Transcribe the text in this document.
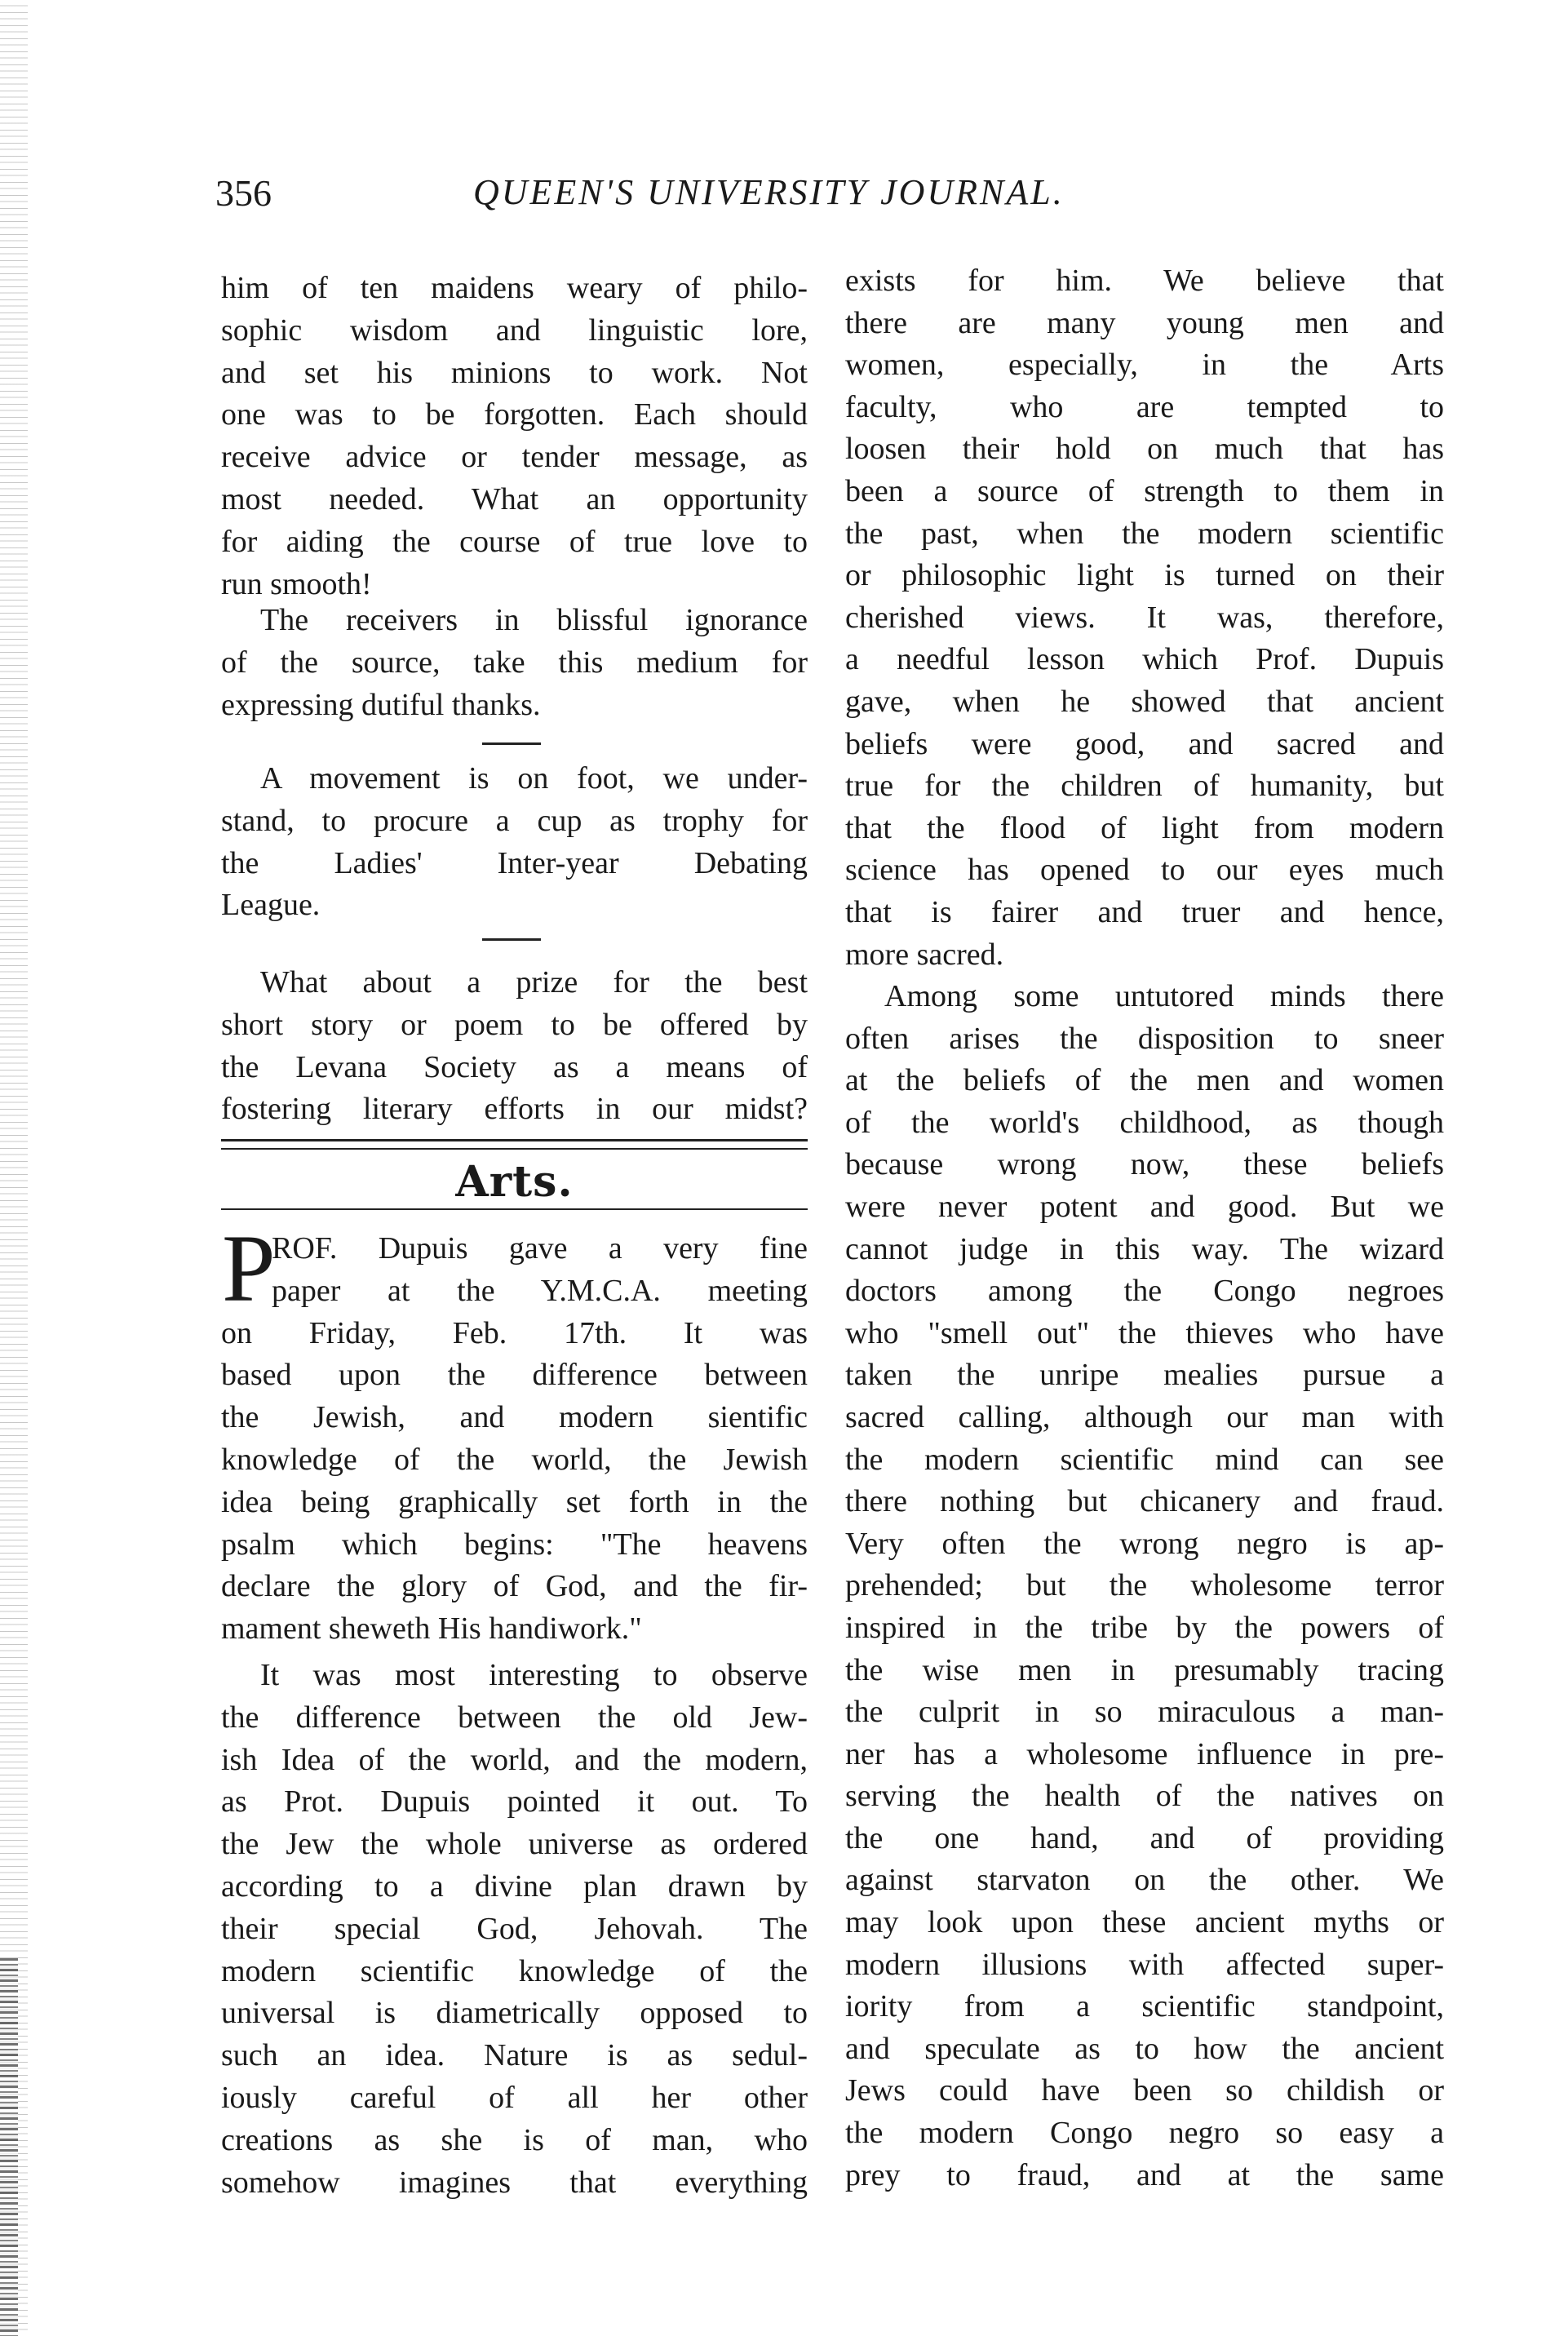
356	QUEEN'S UNIVERSITY JOURNAL.
him of ten maidens weary of philo-
sophic wisdom and linguistic lore,
and set his minions to work. Not
one was to be forgotten. Each should
receive advice or tender message, as
most needed. What an opportunity
for aiding the course of true love to
run smooth!
The receivers in blissful ignorance
of the source, take this medium for
expressing dutiful thanks.
A movement is on foot, we under-
stand, to procure a cup as trophy for
the Ladies' Inter-year Debating
League.
What about a prize for the best
short story or poem to be offered by
the Levana Society as a means of
fostering literary efforts in our midst?
Arts.
P
ROF. Dupuis gave a very fine
paper at the Y.M.C.A. meeting
on Friday, Feb. 17th. It was
based upon the difference between
the Jewish, and modern sientific
knowledge of the world, the Jewish
idea being graphically set forth in the
psalm which begins: "The heavens
declare the glory of God, and the fir-
mament sheweth His handiwork."
It was most interesting to observe
the difference between the old Jew-
ish Idea of the world, and the modern,
as Prot. Dupuis pointed it out. To
the Jew the whole universe as ordered
according to a divine plan drawn by
their special God, Jehovah. The
modern scientific knowledge of the
universal is diametrically opposed to
such an idea. Nature is as sedul-
iously careful of all her other
creations as she is of man, who
somehow imagines that everything
exists for him. We believe that
there are many young men and
women, especially, in the Arts
faculty, who are tempted to
loosen their hold on much that has
been a source of strength to them in
the past, when the modern scientific
or philosophic light is turned on their
cherished views. It was, therefore,
a needful lesson which Prof. Dupuis
gave, when he showed that ancient
beliefs were good, and sacred and
true for the children of humanity, but
that the flood of light from modern
science has opened to our eyes much
that is fairer and truer and hence,
more sacred.
Among some untutored minds there
often arises the disposition to sneer
at the beliefs of the men and women
of the world's childhood, as though
because wrong now, these beliefs
were never potent and good. But we
cannot judge in this way. The wizard
doctors among the Congo negroes
who "smell out" the thieves who have
taken the unripe mealies pursue a
sacred calling, although our man with
the modern scientific mind can see
there nothing but chicanery and fraud.
Very often the wrong negro is ap-
prehended; but the wholesome terror
inspired in the tribe by the powers of
the wise men in presumably tracing
the culprit in so miraculous a man-
ner has a wholesome influence in pre-
serving the health of the natives on
the one hand, and of providing
against starvaton on the other. We
may look upon these ancient myths or
modern illusions with affected super-
iority from a scientific standpoint,
and speculate as to how the ancient
Jews could have been so childish or
the modern Congo negro so easy a
prey to fraud, and at the same
